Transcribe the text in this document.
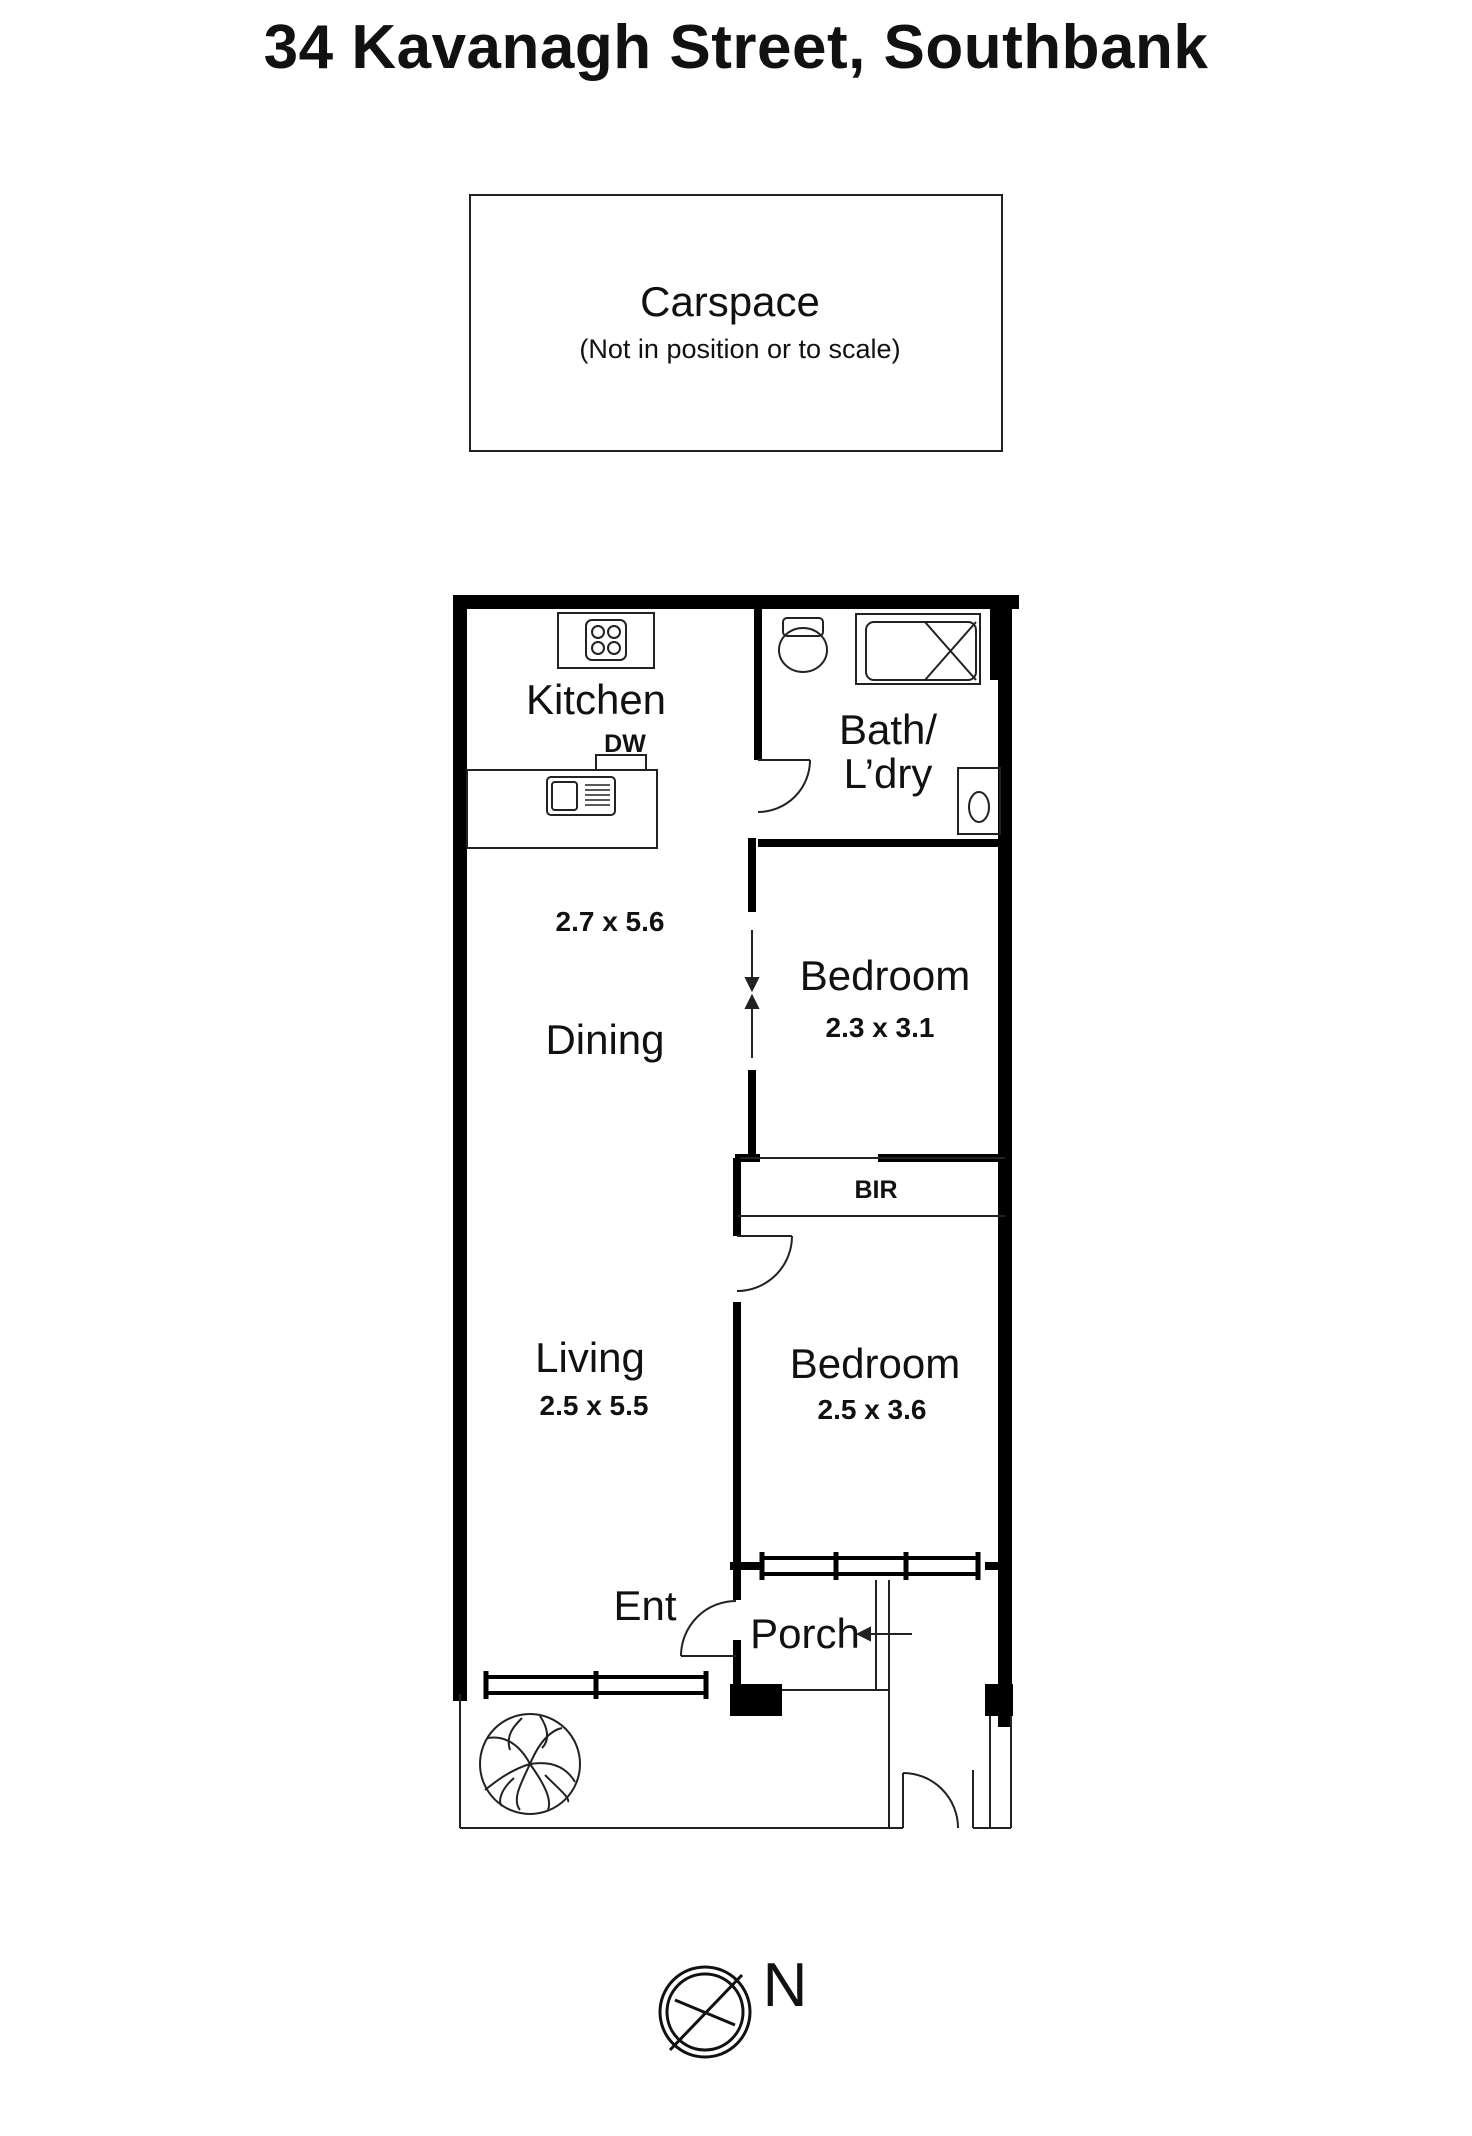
34 Kavanagh Street, Southbank
Carspace
(Not in position or to scale)
Kitchen
DW	Bath/
L’dry
2.7 x 5.6
Dining
Bedroom
2.3 x 3.1
BIR
Living
2.5 x 5.5
Bedroom
2.5 x 3.6
Ent
Porch
N
